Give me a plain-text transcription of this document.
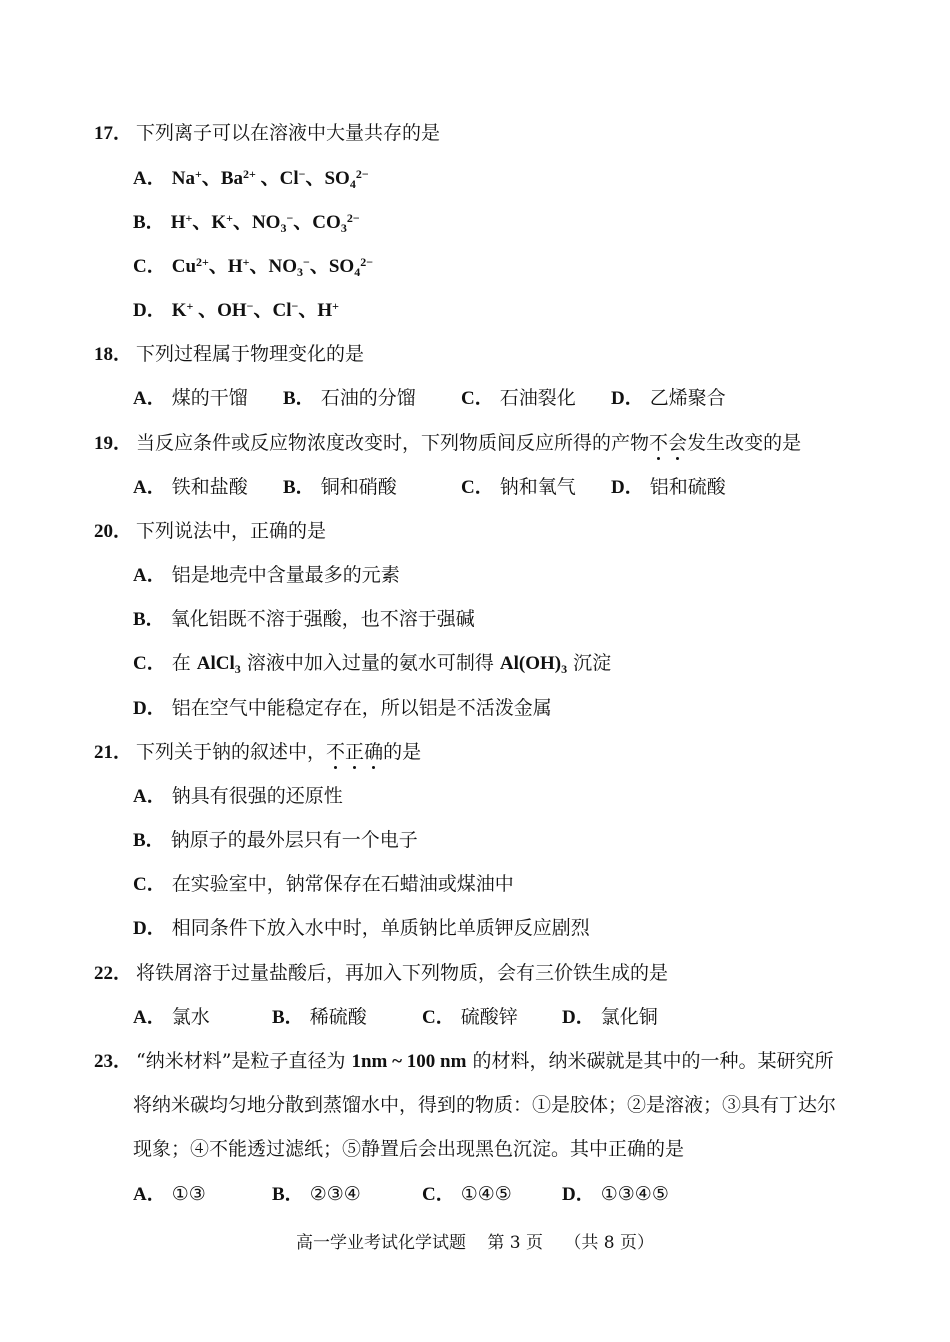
17． 下列离子可以在溶液中大量共存的是
A． Na+、$Ba^{2+}$ 、Cl−、$SO_4^{2-}$
B． H+、K+、$NO_3^-$、$CO_3^{2-}$
C． $Cu^{2+}$、H+、$NO_3^-$、$SO_4^{2-}$
D． K+ 、OH−、Cl−、H+
18． 下列过程属于物理变化的是
A． 煤的干馏 B． 石油的分馏 C． 石油裂化 D． 乙烯聚合
19． 当反应条件或反应物浓度改变时，下列物质间反应所得的产物不会发生改变的是
A． 铁和盐酸 B． 铜和硝酸	C． 钠和氧气 D． 铝和硫酸
20． 下列说法中，正确的是
A． 铝是地壳中含量最多的元素
B． 氧化铝既不溶于强酸，也不溶于强碱
C． 在 AlCl$_3$ 溶液中加入过量的氨水可制得 $Al(OH)_3$ 沉淀
D． 铝在空气中能稳定存在，所以铝是不活泼金属
21． 下列关于钠的叙述中，不正确的是
A． 钠具有很强的还原性
B． 钠原子的最外层只有一个电子
C． 在实验室中，钠常保存在石蜡油或煤油中
D． 相同条件下放入水中时，单质钠比单质钾反应剧烈
22． 将铁屑溶于过量盐酸后，再加入下列物质，会有三价铁生成的是
A． 氯水	B． 稀硫酸	C． 硫酸锌 D． 氯化铜
23． “纳米材料”是粒子直径为 1nm ~ 100 nm 的材料，纳米碳就是其中的一种。某研究所
将纳米碳均匀地分散到蒸馏水中，得到的物质：①是胶体；②是溶液；③具有丁达尔
现象；④不能透过滤纸；⑤静置后会出现黑色沉淀。其中正确的是
A． ①③	B． ②③④	C． ①④⑤	D． ①③④⑤
高一学业考试化学试题 第 3 页 （共 8 页）
